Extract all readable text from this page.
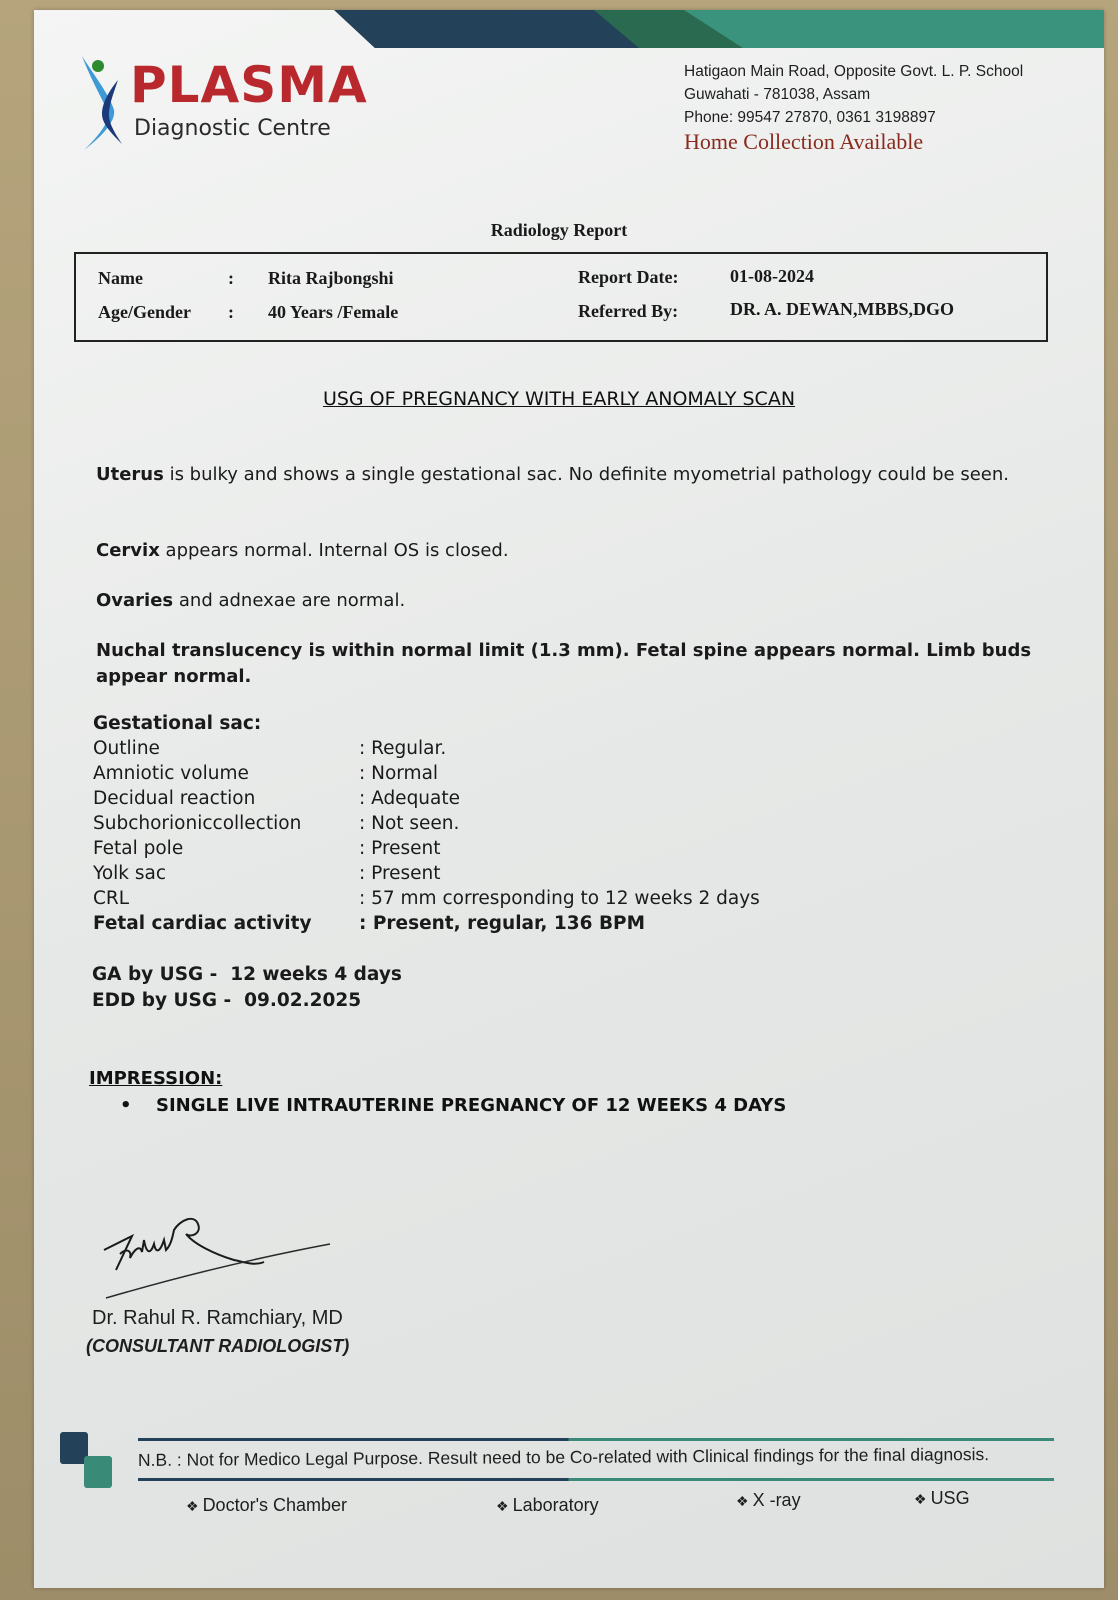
PLASMA
Diagnostic Centre
Hatigaon Main Road, Opposite Govt. L. P. School
Guwahati - 781038, Assam
Phone: 99547 27870, 0361 3198897
Home Collection Available
Radiology Report
Name	: Rita Rajbongshi
Age/Gender : 40 Years /Female
Report Date:	01-08-2024
Referred By:	DR. A. DEWAN,MBBS,DGO
USG OF PREGNANCY WITH EARLY ANOMALY SCAN
Uterus is bulky and shows a single gestational sac. No definite myometrial pathology could be seen.
Cervix appears normal. Internal OS is closed.
Ovaries and adnexae are normal.
Nuchal translucency is within normal limit (1.3 mm). Fetal spine appears normal. Limb buds appear normal.
Gestational sac:
Outline	: Regular.
Amniotic volume	: Normal
Decidual reaction	: Adequate
Subchorioniccollection	: Not seen.
Fetal pole	: Present
Yolk sac	: Present
CRL	: 57 mm corresponding to 12 weeks 2 days
Fetal cardiac activity	: Present, regular, 136 BPM
GA by USG -  12 weeks 4 days
EDD by USG -  09.02.2025
IMPRESSION:
• SINGLE LIVE INTRAUTERINE PREGNANCY OF 12 WEEKS 4 DAYS
Dr. Rahul R. Ramchiary, MD
(CONSULTANT RADIOLOGIST)
N.B. : Not for Medico Legal Purpose. Result need to be Co-related with Clinical findings for the final diagnosis.
❖ Doctor's Chamber	❖ Laboratory	❖ X -ray	❖ USG
